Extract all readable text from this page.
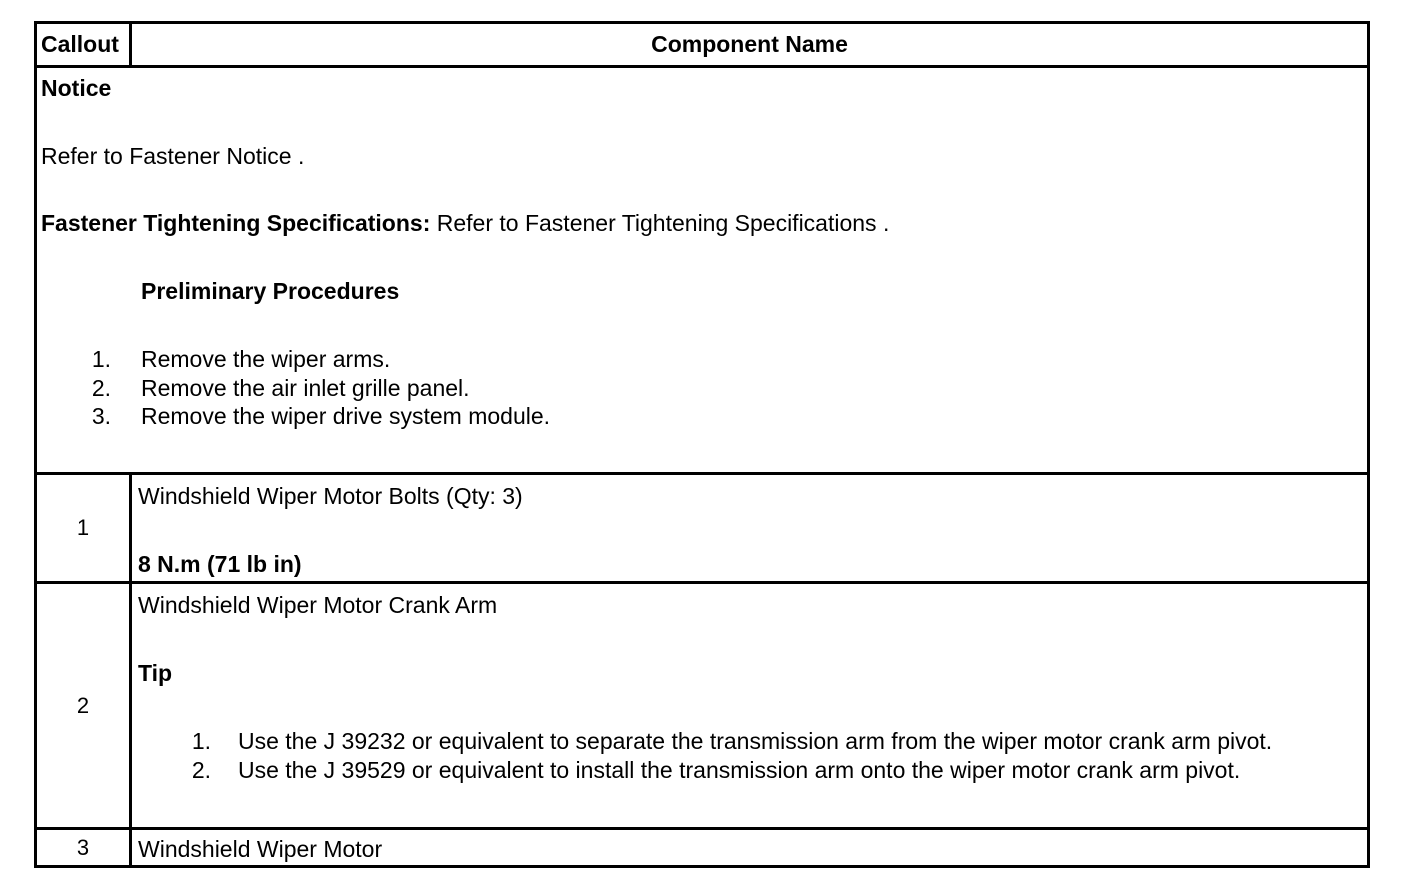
Callout	Component Name
Notice
Refer to Fastener Notice .
Fastener Tightening Specifications: Refer to Fastener Tightening Specifications .
Preliminary Procedures
1. Remove the wiper arms.
2. Remove the air inlet grille panel.
3. Remove the wiper drive system module.
1
Windshield Wiper Motor Bolts (Qty: 3)
8 N.m (71 lb in)
2
Windshield Wiper Motor Crank Arm
Tip
1. Use the J 39232 or equivalent to separate the transmission arm from the wiper motor crank arm pivot.
2. Use the J 39529 or equivalent to install the transmission arm onto the wiper motor crank arm pivot.
3	Windshield Wiper Motor
